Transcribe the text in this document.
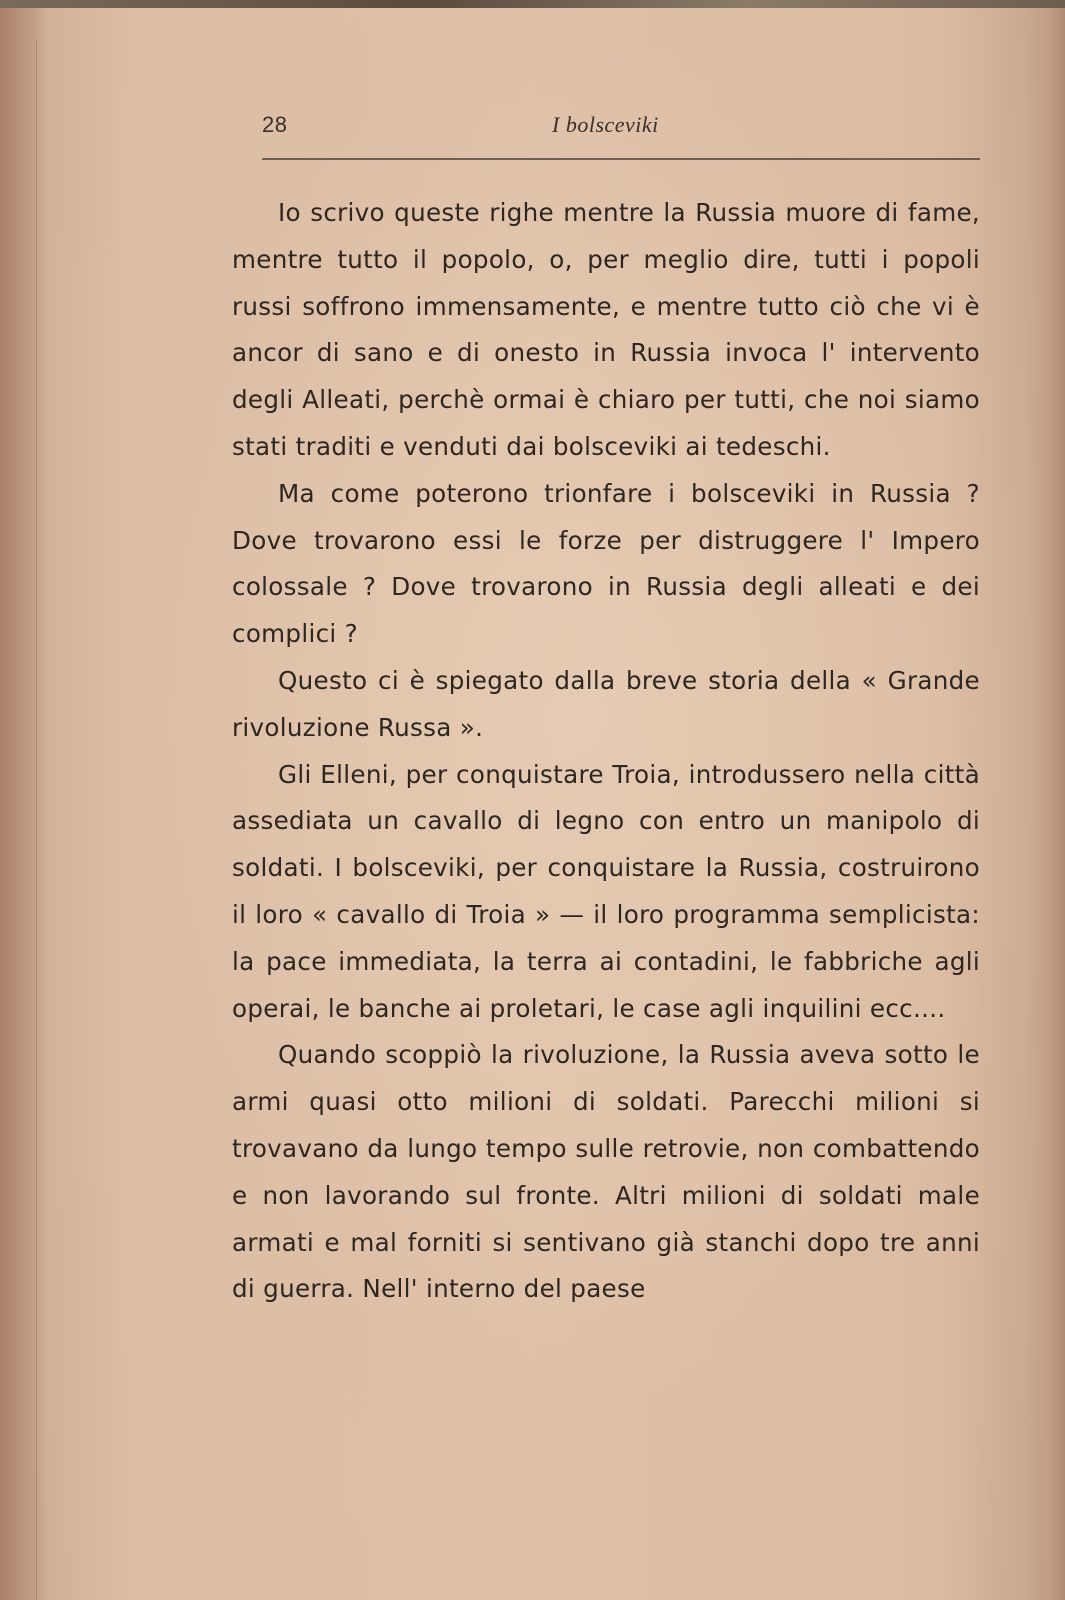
28	I bolsceviki

Io scrivo queste righe mentre la Russia muore di fame, mentre tutto il popolo, o, per meglio dire, tutti i popoli russi soffrono immensamente, e mentre tutto ciò che vi è ancor di sano e di onesto in Russia invoca l' intervento degli Alleati, perchè ormai è chiaro per tutti, che noi siamo stati traditi e venduti dai bolsceviki ai tedeschi.

Ma come poterono trionfare i bolsceviki in Russia ? Dove trovarono essi le forze per distruggere l' Impero colossale ? Dove trovarono in Russia degli alleati e dei complici ?

Questo ci è spiegato dalla breve storia della « Grande rivoluzione Russa ».

Gli Elleni, per conquistare Troia, introdussero nella città assediata un cavallo di legno con entro un manipolo di soldati. I bolsceviki, per conquistare la Russia, costruirono il loro « cavallo di Troia » — il loro programma semplicista: la pace immediata, la terra ai contadini, le fabbriche agli operai, le banche ai proletari, le case agli inquilini ecc....

Quando scoppiò la rivoluzione, la Russia aveva sotto le armi quasi otto milioni di soldati. Parecchi milioni si trovavano da lungo tempo sulle retrovie, non combattendo e non lavorando sul fronte. Altri milioni di soldati male armati e mal forniti si sentivano già stanchi dopo tre anni di guerra. Nell' interno del paese
